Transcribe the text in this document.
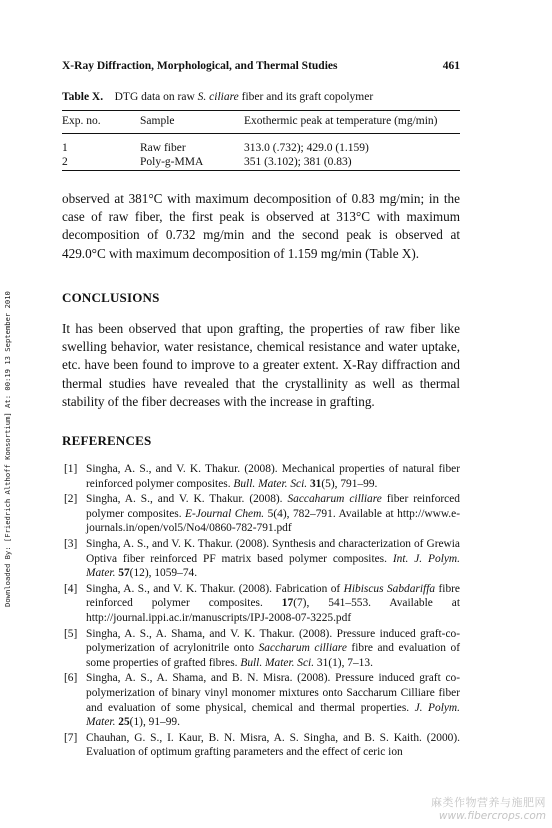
X-Ray Diffraction, Morphological, and Thermal Studies	461
Table X. DTG data on raw S. ciliare fiber and its graft copolymer
Exp. no.	Sample	Exothermic peak at temperature (mg/min)
1	Raw fiber	313.0 (.732); 429.0 (1.159)
2	Poly-g-MMA	351 (3.102); 381 (0.83)
observed at 381°C with maximum decomposition of 0.83 mg/min; in the case of raw fiber, the first peak is observed at 313°C with maximum decomposition of 0.732 mg/min and the second peak is observed at 429.0°C with maximum decomposition of 1.159 mg/min (Table X).
CONCLUSIONS
It has been observed that upon grafting, the properties of raw fiber like swelling behavior, water resistance, chemical resistance and water uptake, etc. have been found to improve to a greater extent. X-Ray diffraction and thermal studies have revealed that the crystallinity as well as thermal stability of the fiber decreases with the increase in grafting.
REFERENCES
[1] Singha, A. S., and V. K. Thakur. (2008). Mechanical properties of natural fiber reinforced polymer composites. Bull. Mater. Sci. 31(5), 791–99.
[2] Singha, A. S., and V. K. Thakur. (2008). Saccaharum cilliare fiber reinforced polymer composites. E-Journal Chem. 5(4), 782–791. Available at http://www.e-journals.in/open/vol5/No4/0860-782-791.pdf
[3] Singha, A. S., and V. K. Thakur. (2008). Synthesis and characterization of Grewia Optiva fiber reinforced PF matrix based polymer composites. Int. J. Polym. Mater. 57(12), 1059–74.
[4] Singha, A. S., and V. K. Thakur. (2008). Fabrication of Hibiscus Sabdariffa fibre reinforced polymer composites. 17(7), 541–553. Available at http://journal.ippi.ac.ir/manuscripts/IPJ-2008-07-3225.pdf
[5] Singha, A. S., A. Shama, and V. K. Thakur. (2008). Pressure induced graft-co-polymerization of acrylonitrile onto Saccharum cilliare fibre and evaluation of some properties of grafted fibres. Bull. Mater. Sci. 31(1), 7–13.
[6] Singha, A. S., A. Shama, and B. N. Misra. (2008). Pressure induced graft co- polymerization of binary vinyl monomer mixtures onto Saccharum Cilliare fiber and evaluation of some physical, chemical and thermal properties. J. Polym. Mater. 25(1), 91–99.
[7] Chauhan, G. S., I. Kaur, B. N. Misra, A. S. Singha, and B. S. Kaith. (2000). Evaluation of optimum grafting parameters and the effect of ceric ion
Downloaded By: [Friedrich Althoff Konsortium] At: 00:19 13 September 2010
麻类作物营养与施肥网
www.fibercrops.com
